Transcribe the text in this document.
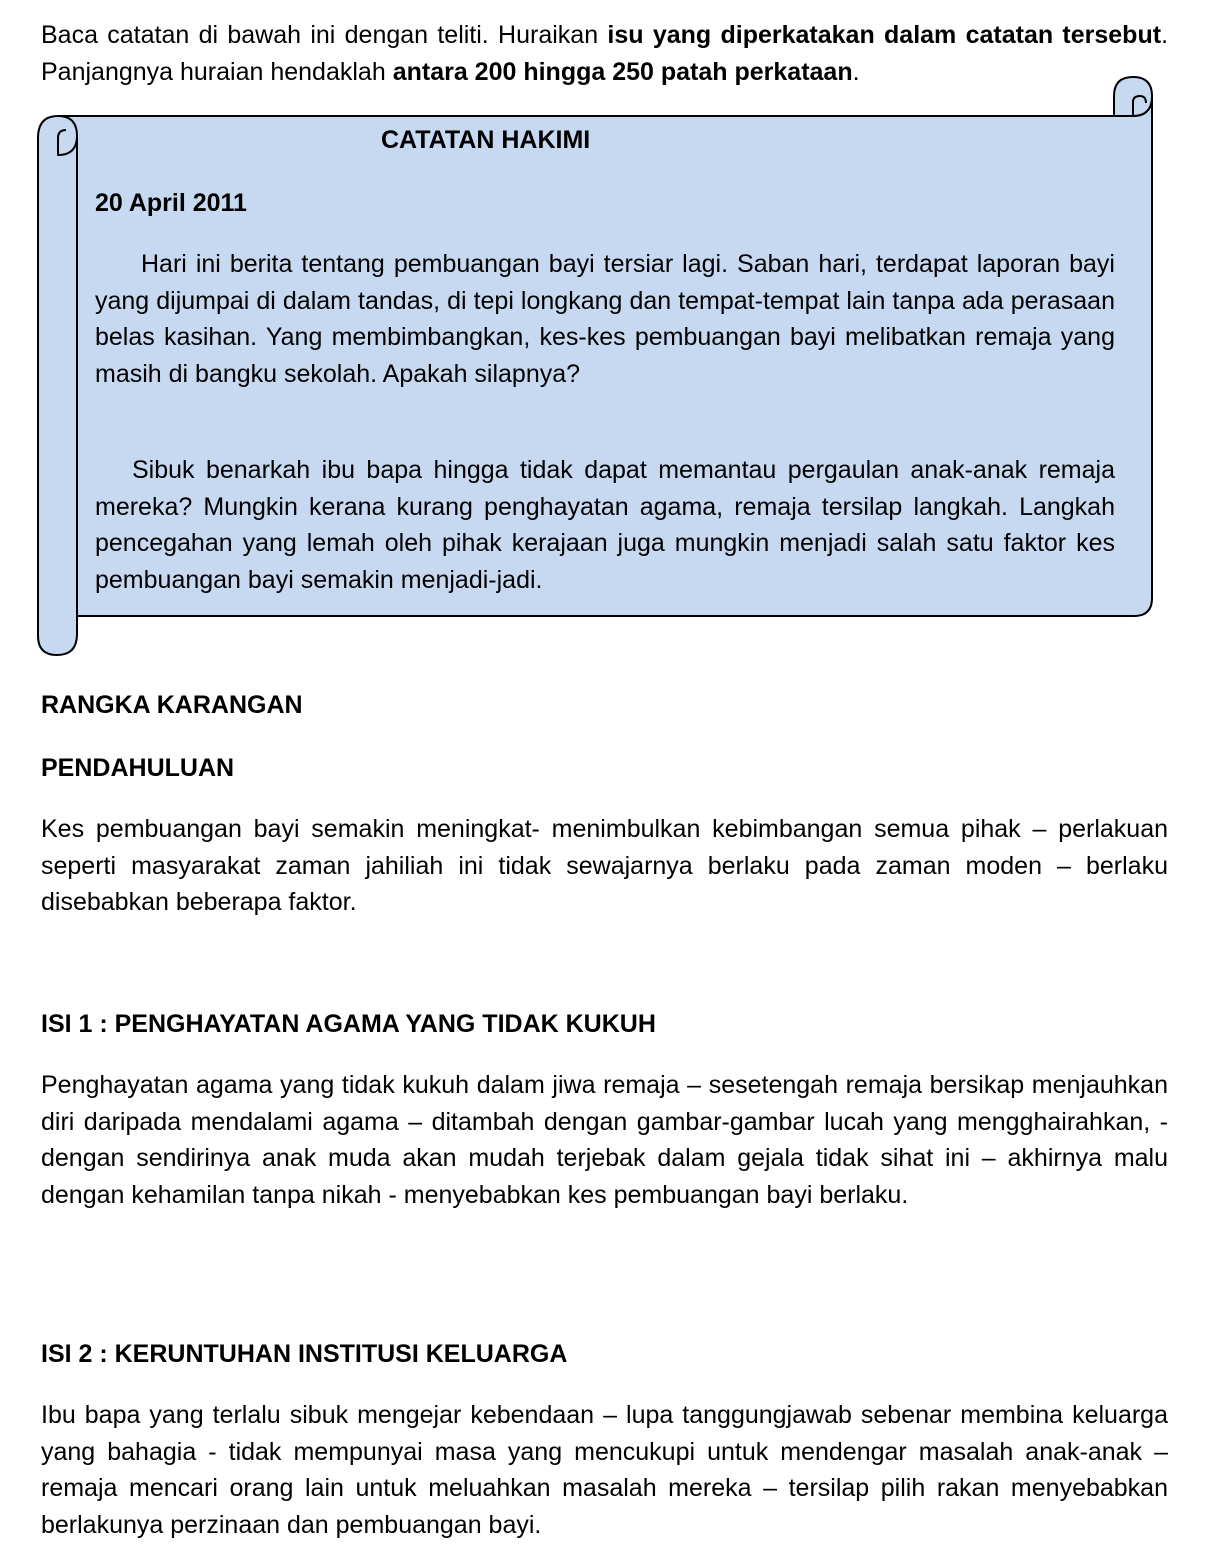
Baca catatan di bawah ini dengan teliti. Huraikan isu yang diperkatakan dalam catatan tersebut. Panjangnya huraian hendaklah antara 200 hingga 250 patah perkataan.

CATATAN HAKIMI

20 April 2011

Hari ini berita tentang pembuangan bayi tersiar lagi. Saban hari, terdapat laporan bayi yang dijumpai di dalam tandas, di tepi longkang dan tempat-tempat lain tanpa ada perasaan belas kasihan. Yang membimbangkan, kes-kes pembuangan bayi melibatkan remaja yang masih di bangku sekolah. Apakah silapnya?

Sibuk benarkah ibu bapa hingga tidak dapat memantau pergaulan anak-anak remaja mereka? Mungkin kerana kurang penghayatan agama, remaja tersilap langkah. Langkah pencegahan yang lemah oleh pihak kerajaan juga mungkin menjadi salah satu faktor kes pembuangan bayi semakin menjadi-jadi.

RANGKA KARANGAN

PENDAHULUAN

Kes pembuangan bayi semakin meningkat- menimbulkan kebimbangan semua pihak – perlakuan seperti masyarakat zaman jahiliah ini tidak sewajarnya berlaku pada zaman moden – berlaku disebabkan beberapa faktor.

ISI 1 : PENGHAYATAN AGAMA YANG TIDAK KUKUH

Penghayatan agama yang tidak kukuh dalam jiwa remaja – sesetengah remaja bersikap menjauhkan diri daripada mendalami agama – ditambah dengan gambar-gambar lucah yang mengghairahkan, - dengan sendirinya anak muda akan mudah terjebak dalam gejala tidak sihat ini – akhirnya malu dengan kehamilan tanpa nikah - menyebabkan kes pembuangan bayi berlaku.

ISI 2 : KERUNTUHAN INSTITUSI KELUARGA

Ibu bapa yang terlalu sibuk mengejar kebendaan – lupa tanggungjawab sebenar membina keluarga yang bahagia - tidak mempunyai masa yang mencukupi untuk mendengar masalah anak-anak – remaja mencari orang lain untuk meluahkan masalah mereka – tersilap pilih rakan menyebabkan berlakunya perzinaan dan pembuangan bayi.
